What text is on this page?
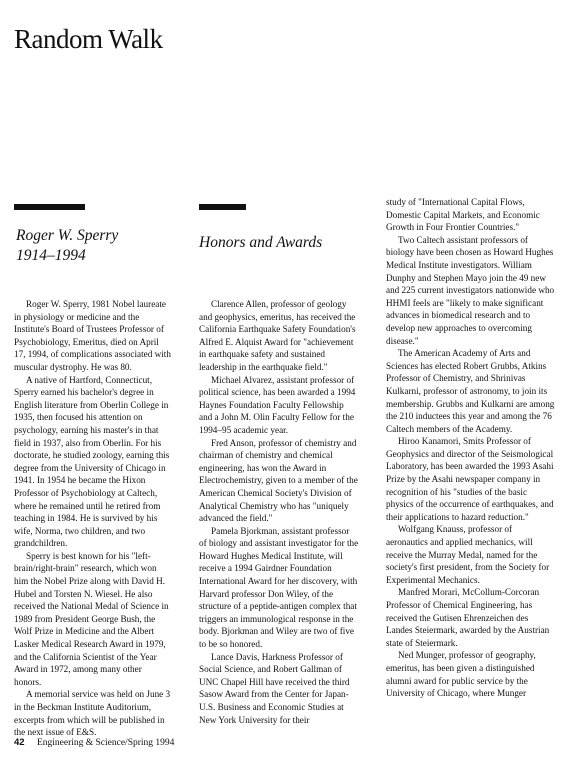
Random Walk
Roger W. Sperry
1914–1994
Honors and Awards

Roger W. Sperry, 1981 Nobel laureate in physiology or medicine and the Institute's Board of Trustees Professor of Psychobiology, Emeritus, died on April 17, 1994, of complications associated with muscular dystrophy. He was 80.

A native of Hartford, Connecticut, Sperry earned his bachelor's degree in English literature from Oberlin College in 1935, then focused his attention on psychology, earning his master's in that field in 1937, also from Oberlin. For his doctorate, he studied zoology, earning this degree from the University of Chicago in 1941. In 1954 he became the Hixon Professor of Psychobiology at Caltech, where he remained until he retired from teaching in 1984. He is survived by his wife, Norma, two children, and two grandchildren.

Sperry is best known for his "left-brain/right-brain" research, which won him the Nobel Prize along with David H. Hubel and Torsten N. Wiesel. He also received the National Medal of Science in 1989 from President George Bush, the Wolf Prize in Medicine and the Albert Lasker Medical Research Award in 1979, and the California Scientist of the Year Award in 1972, among many other honors.

A memorial service was held on June 3 in the Beckman Institute Auditorium, excerpts from which will be published in the next issue of E&S.

Clarence Allen, professor of geology and geophysics, emeritus, has received the California Earthquake Safety Foundation's Alfred E. Alquist Award for "achievement in earthquake safety and sustained leadership in the earthquake field."

Michael Alvarez, assistant professor of political science, has been awarded a 1994 Haynes Foundation Faculty Fellowship and a John M. Olin Faculty Fellow for the 1994–95 academic year.

Fred Anson, professor of chemistry and chairman of chemistry and chemical engineering, has won the Award in Electrochemistry, given to a member of the American Chemical Society's Division of Analytical Chemistry who has "uniquely advanced the field."

Pamela Bjorkman, assistant professor of biology and assistant investigator for the Howard Hughes Medical Institute, will receive a 1994 Gairdner Foundation International Award for her discovery, with Harvard professor Don Wiley, of the structure of a peptide-antigen complex that triggers an immunological response in the body. Bjorkman and Wiley are two of five to be so honored.

Lance Davis, Harkness Professor of Social Science, and Robert Gallman of UNC Chapel Hill have received the third Sasow Award from the Center for Japan-U.S. Business and Economic Studies at New York University for their

study of "International Capital Flows, Domestic Capital Markets, and Economic Growth in Four Frontier Countries."

Two Caltech assistant professors of biology have been chosen as Howard Hughes Medical Institute investigators. William Dunphy and Stephen Mayo join the 49 new and 225 current investigators nationwide who HHMI feels are "likely to make significant advances in biomedical research and to develop new approaches to overcoming disease."

The American Academy of Arts and Sciences has elected Robert Grubbs, Atkins Professor of Chemistry, and Shrinivas Kulkarni, professor of astronomy, to join its membership. Grubbs and Kulkarni are among the 210 inductees this year and among the 76 Caltech members of the Academy.

Hiroo Kanamori, Smits Professor of Geophysics and director of the Seismological Laboratory, has been awarded the 1993 Asahi Prize by the Asahi newspaper company in recognition of his "studies of the basic physics of the occurrence of earthquakes, and their applications to hazard reduction."

Wolfgang Knauss, professor of aeronautics and applied mechanics, will receive the Murray Medal, named for the society's first president, from the Society for Experimental Mechanics.

Manfred Morari, McCollum-Corcoran Professor of Chemical Engineering, has received the Gutisen Ehrenzeichen des Landes Steiermark, awarded by the Austrian state of Steiermark.

Ned Munger, professor of geography, emeritus, has been given a distinguished alumni award for public service by the University of Chicago, where Munger

42 Engineering & Science/Spring 1994
